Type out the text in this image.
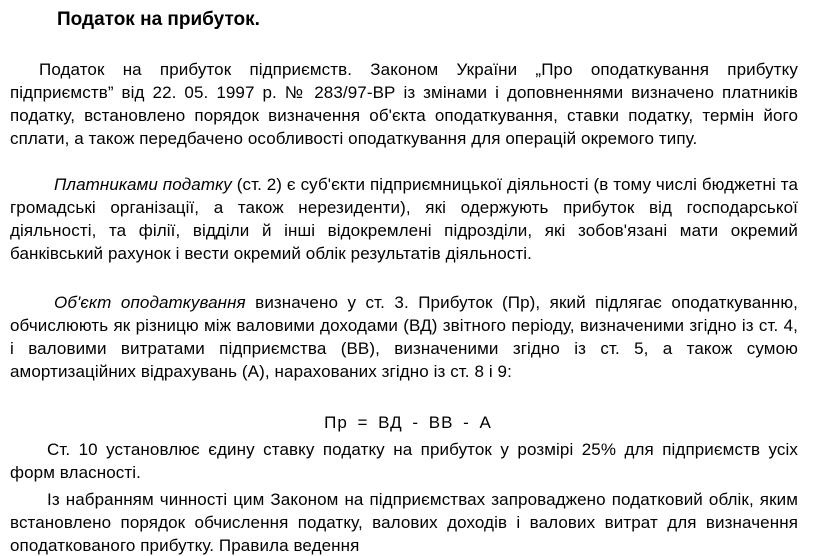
Податок на прибуток.

Податок на прибуток підприємств. Законом України „Про оподаткування прибутку підприємств” від 22. 05. 1997 р. № 283/97-ВР із змінами і доповненнями визначено платників податку, встановлено порядок визначення об'єкта оподаткування, ставки податку, термін його сплати, а також передбачено особливості оподаткування для операцій окремого типу.

Платниками податку (ст. 2) є суб'єкти підприємницької діяльності (в тому числі бюджетні та громадські організації, а також нерезиденти), які одержують прибуток від господарської діяльності, та філії, відділи й інші відокремлені підрозділи, які зобов'язані мати окремий банківський рахунок і вести окремий облік результатів діяльності.

Об'єкт оподаткування визначено у ст. 3. Прибуток (Пр), який підлягає оподаткуванню, обчислюють як різницю між валовими доходами (ВД) звітного періоду, визначеними згідно із ст. 4, і валовими витратами підприємства (ВВ), визначеними згідно із ст. 5, а також сумою амортизаційних відрахувань (А), нарахованих згідно із ст. 8 і 9:

Пр = ВД - ВВ - А

Ст. 10 установлює єдину ставку податку на прибуток у розмірі 25% для підприємств усіх форм власності.

Із набранням чинності цим Законом на підприємствах запроваджено податковий облік, яким встановлено порядок обчислення податку, валових доходів і валових витрат для визначення оподаткованого прибутку. Правила ведення
